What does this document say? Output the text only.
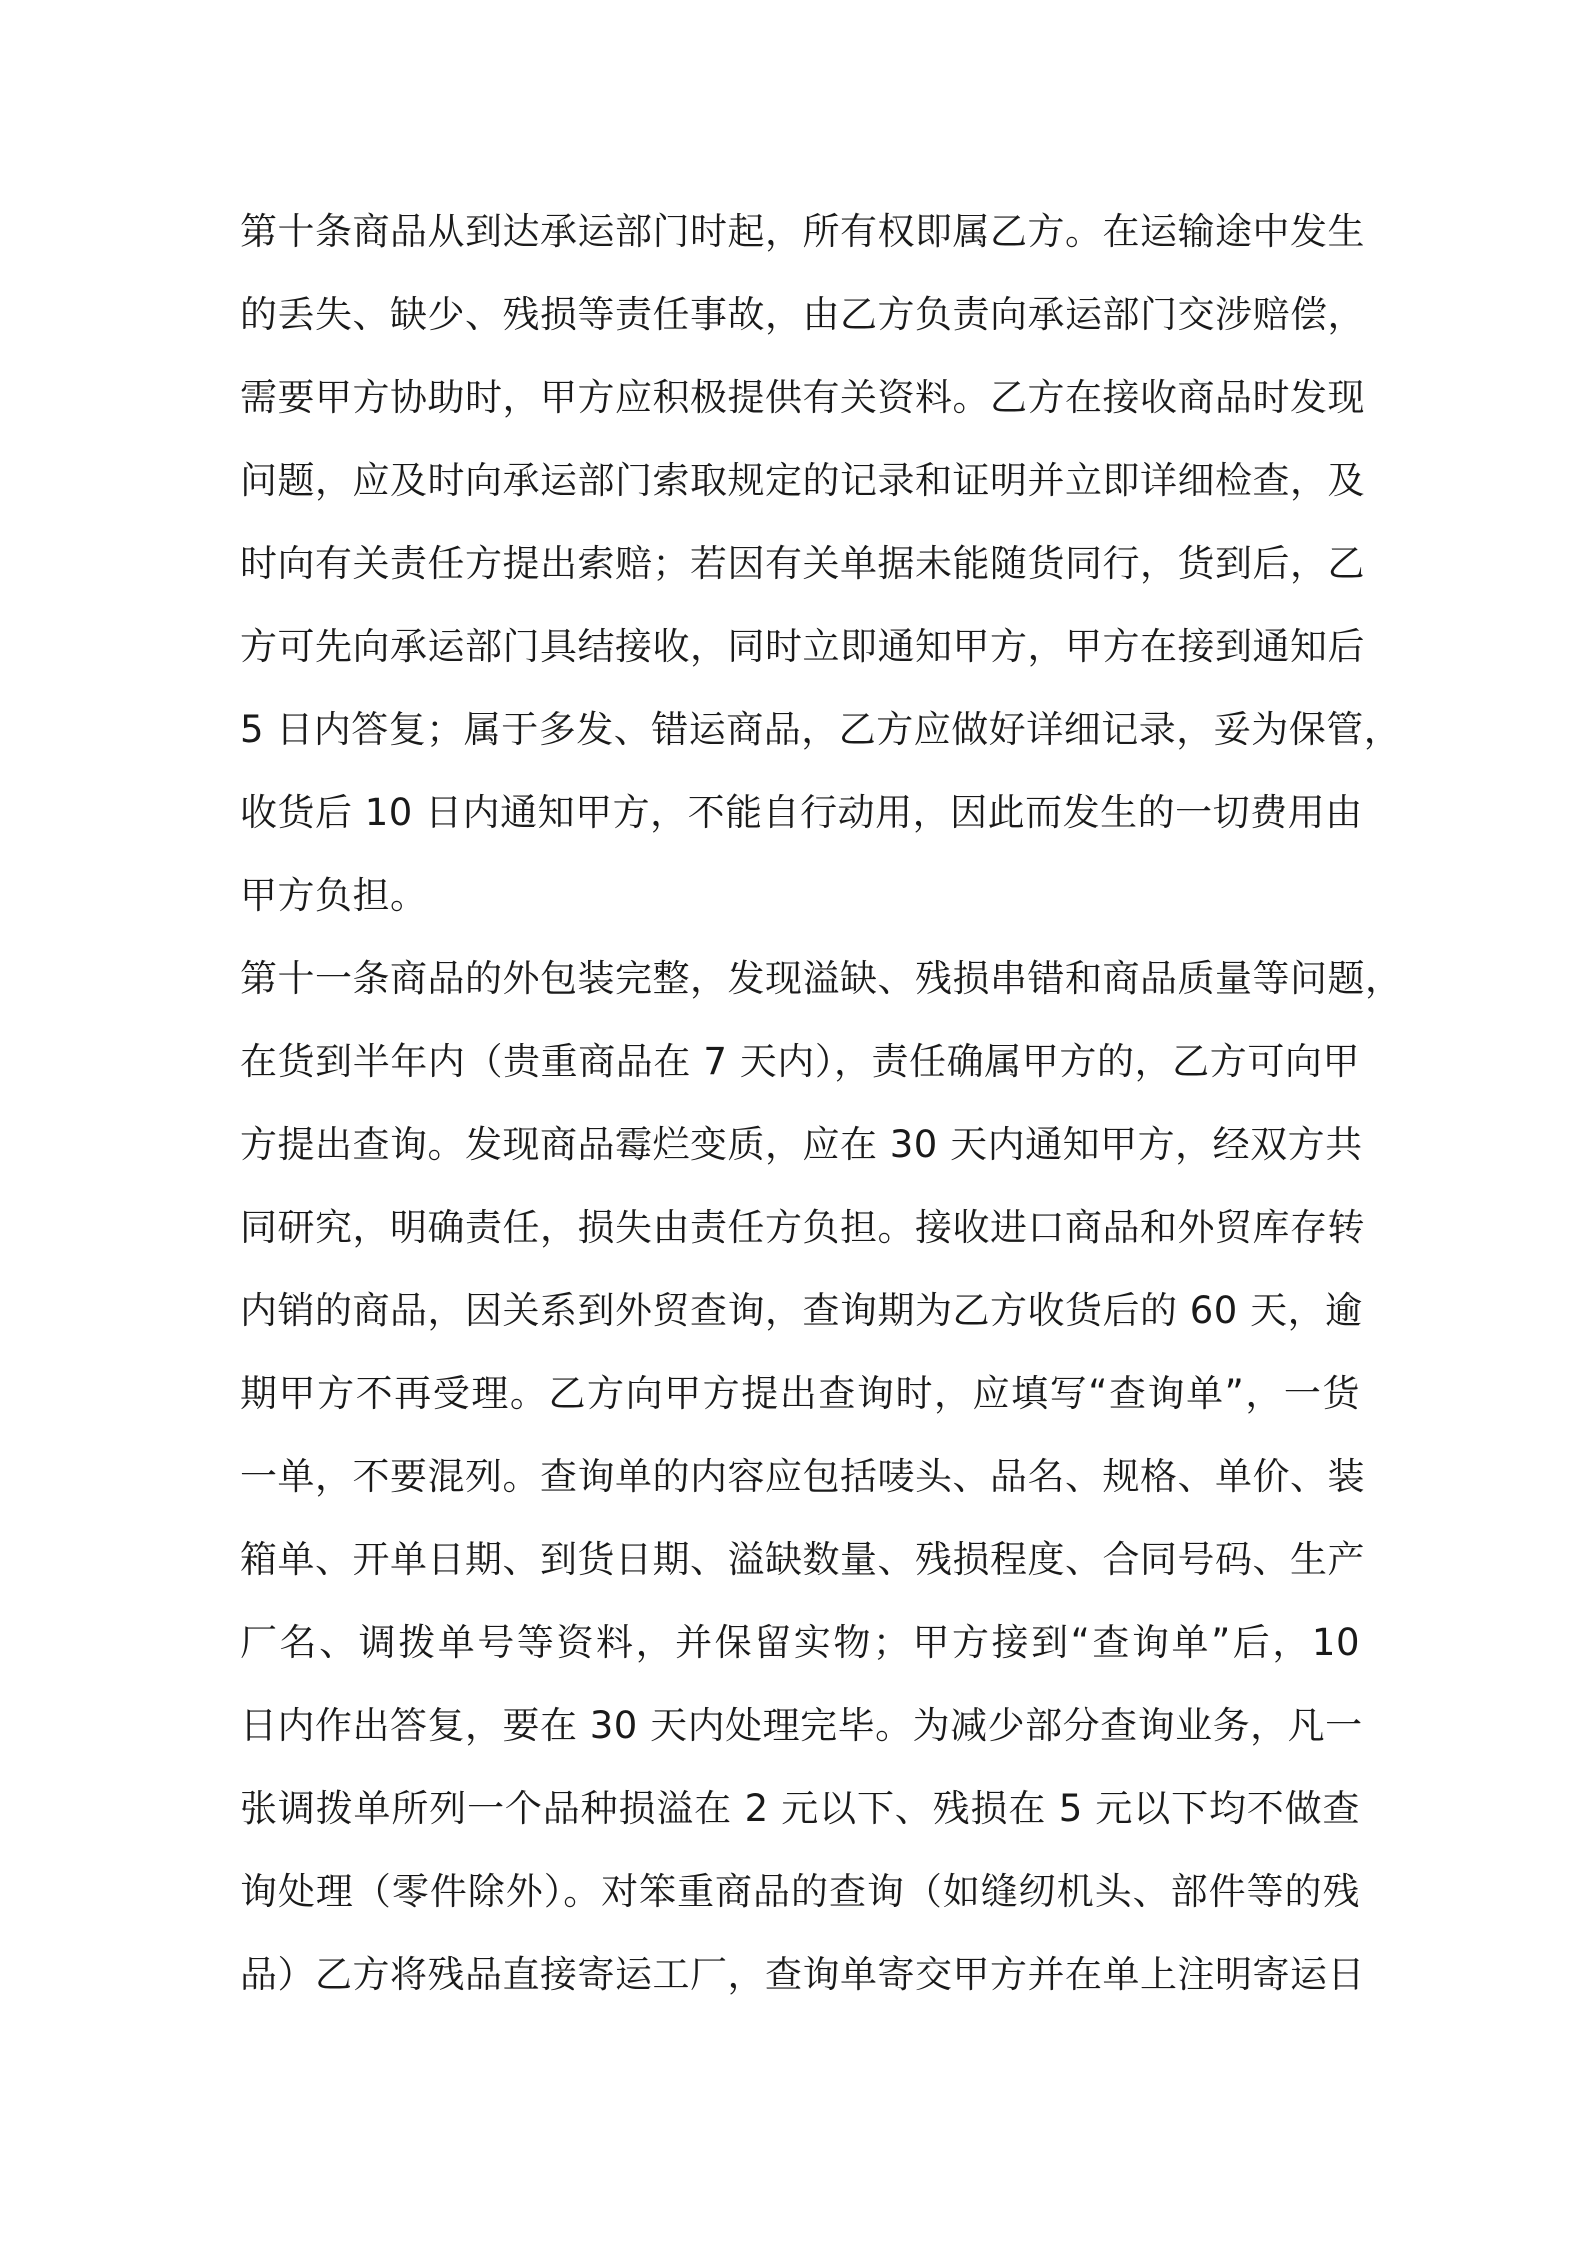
第十条商品从到达承运部门时起，所有权即属乙方。在运输途中发生
的丢失、缺少、残损等责任事故，由乙方负责向承运部门交涉赔偿，
需要甲方协助时，甲方应积极提供有关资料。乙方在接收商品时发现
问题，应及时向承运部门索取规定的记录和证明并立即详细检查，及
时向有关责任方提出索赔；若因有关单据未能随货同行，货到后，乙
方可先向承运部门具结接收，同时立即通知甲方，甲方在接到通知后
5 日内答复；属于多发、错运商品，乙方应做好详细记录，妥为保管，
收货后 10 日内通知甲方，不能自行动用，因此而发生的一切费用由
甲方负担。
第十一条商品的外包装完整，发现溢缺、残损串错和商品质量等问题，
在货到半年内（贵重商品在 7 天内），责任确属甲方的，乙方可向甲
方提出查询。发现商品霉烂变质，应在 30 天内通知甲方，经双方共
同研究，明确责任，损失由责任方负担。接收进口商品和外贸库存转
内销的商品，因关系到外贸查询，查询期为乙方收货后的 60 天，逾
期甲方不再受理。乙方向甲方提出查询时，应填写“查询单”，一货
一单，不要混列。查询单的内容应包括唛头、品名、规格、单价、装
箱单、开单日期、到货日期、溢缺数量、残损程度、合同号码、生产
厂名、调拨单号等资料，并保留实物；甲方接到“查询单”后，10
日内作出答复，要在 30 天内处理完毕。为减少部分查询业务，凡一
张调拨单所列一个品种损溢在 2 元以下、残损在 5 元以下均不做查
询处理（零件除外）。对笨重商品的查询（如缝纫机头、部件等的残
品）乙方将残品直接寄运工厂，查询单寄交甲方并在单上注明寄运日
